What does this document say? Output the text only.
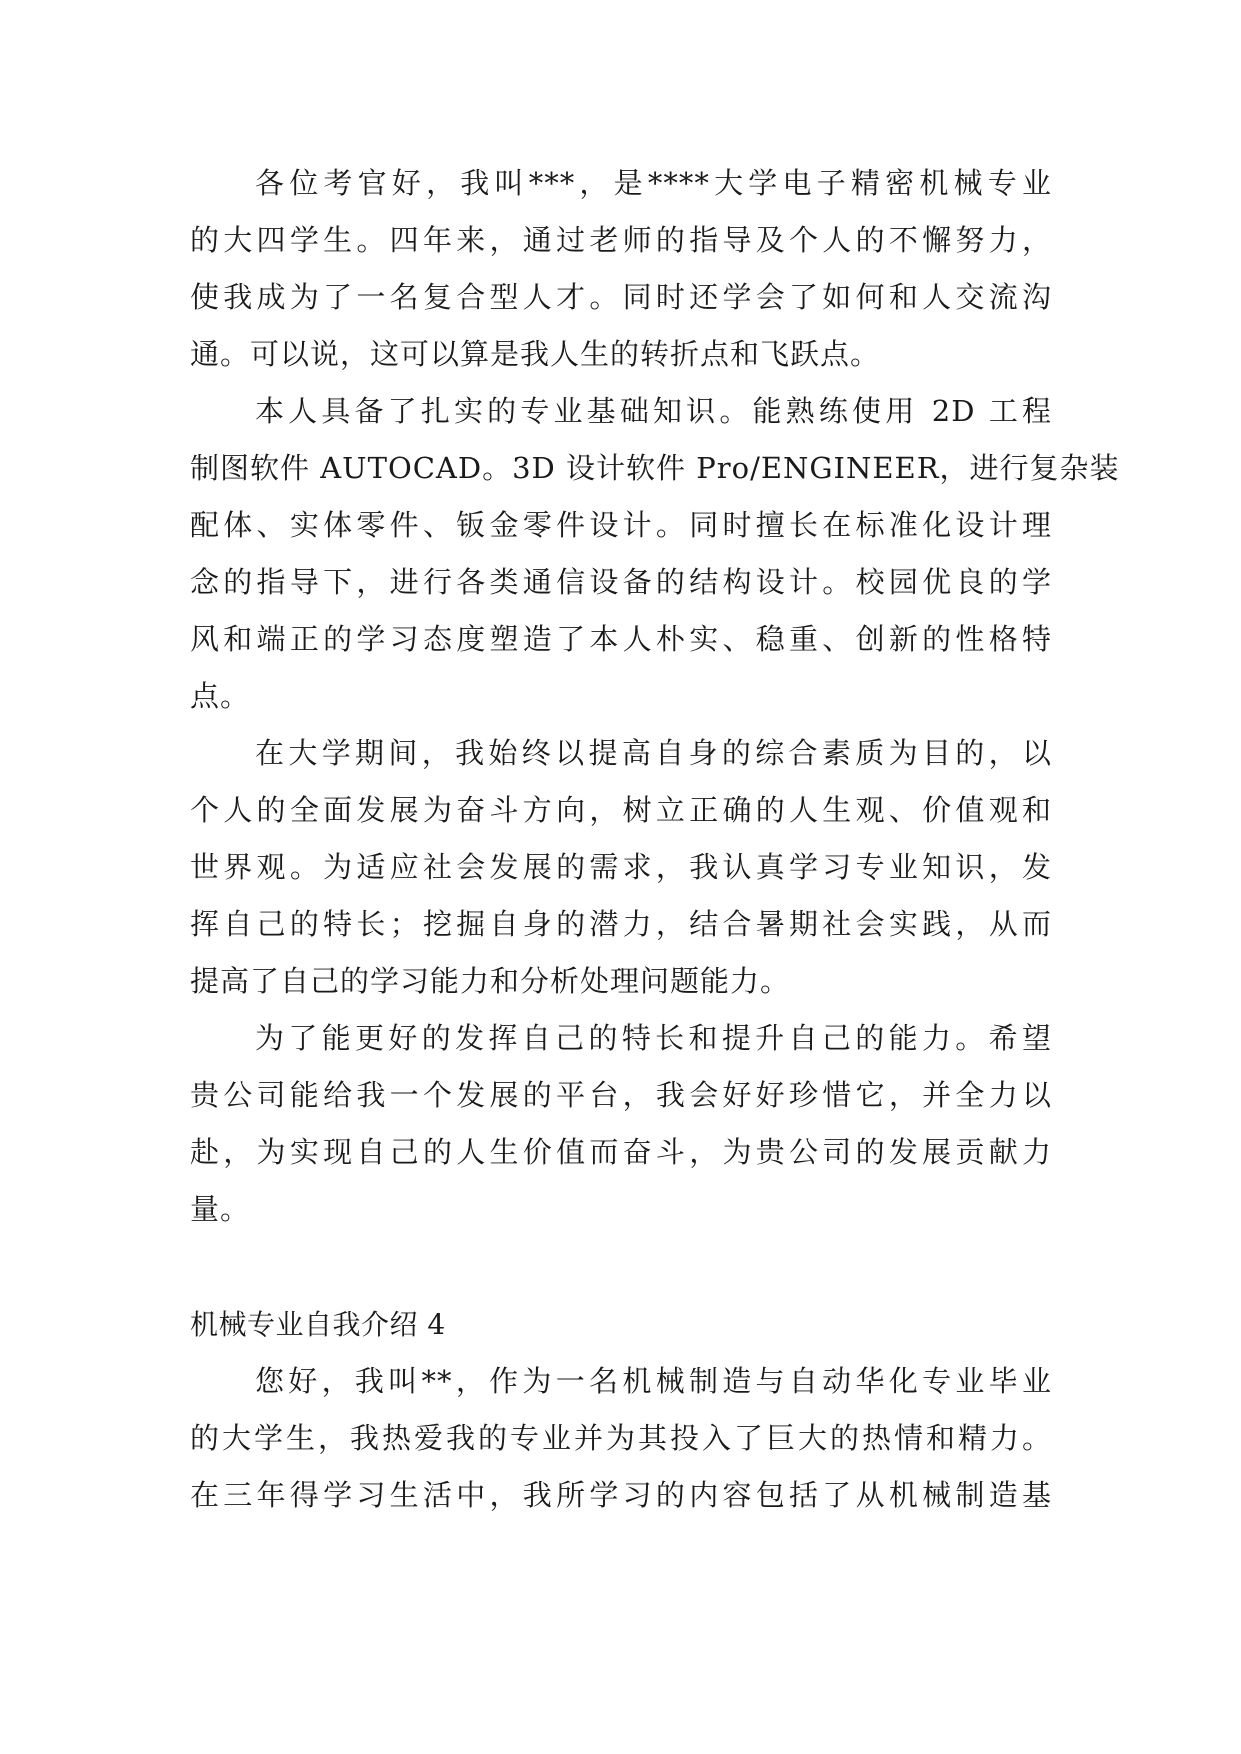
各位考官好，我叫***，是****大学电子精密机械专业
的大四学生。四年来，通过老师的指导及个人的不懈努力，
使我成为了一名复合型人才。同时还学会了如何和人交流沟
通。可以说，这可以算是我人生的转折点和飞跃点。
本人具备了扎实的专业基础知识。能熟练使用 2D 工程
制图软件 AUTOCAD。3D 设计软件 Pro/ENGINEER，进行复杂装
配体、实体零件、钣金零件设计。同时擅长在标准化设计理
念的指导下，进行各类通信设备的结构设计。校园优良的学
风和端正的学习态度塑造了本人朴实、稳重、创新的性格特
点。
在大学期间，我始终以提高自身的综合素质为目的，以
个人的全面发展为奋斗方向，树立正确的人生观、价值观和
世界观。为适应社会发展的需求，我认真学习专业知识，发
挥自己的特长；挖掘自身的潜力，结合暑期社会实践，从而
提高了自己的学习能力和分析处理问题能力。
为了能更好的发挥自己的特长和提升自己的能力。希望
贵公司能给我一个发展的平台，我会好好珍惜它，并全力以
赴，为实现自己的人生价值而奋斗，为贵公司的发展贡献力
量。
机械专业自我介绍 4
您好，我叫**，作为一名机械制造与自动华化专业毕业
的大学生，我热爱我的专业并为其投入了巨大的热情和精力。
在三年得学习生活中，我所学习的内容包括了从机械制造基
